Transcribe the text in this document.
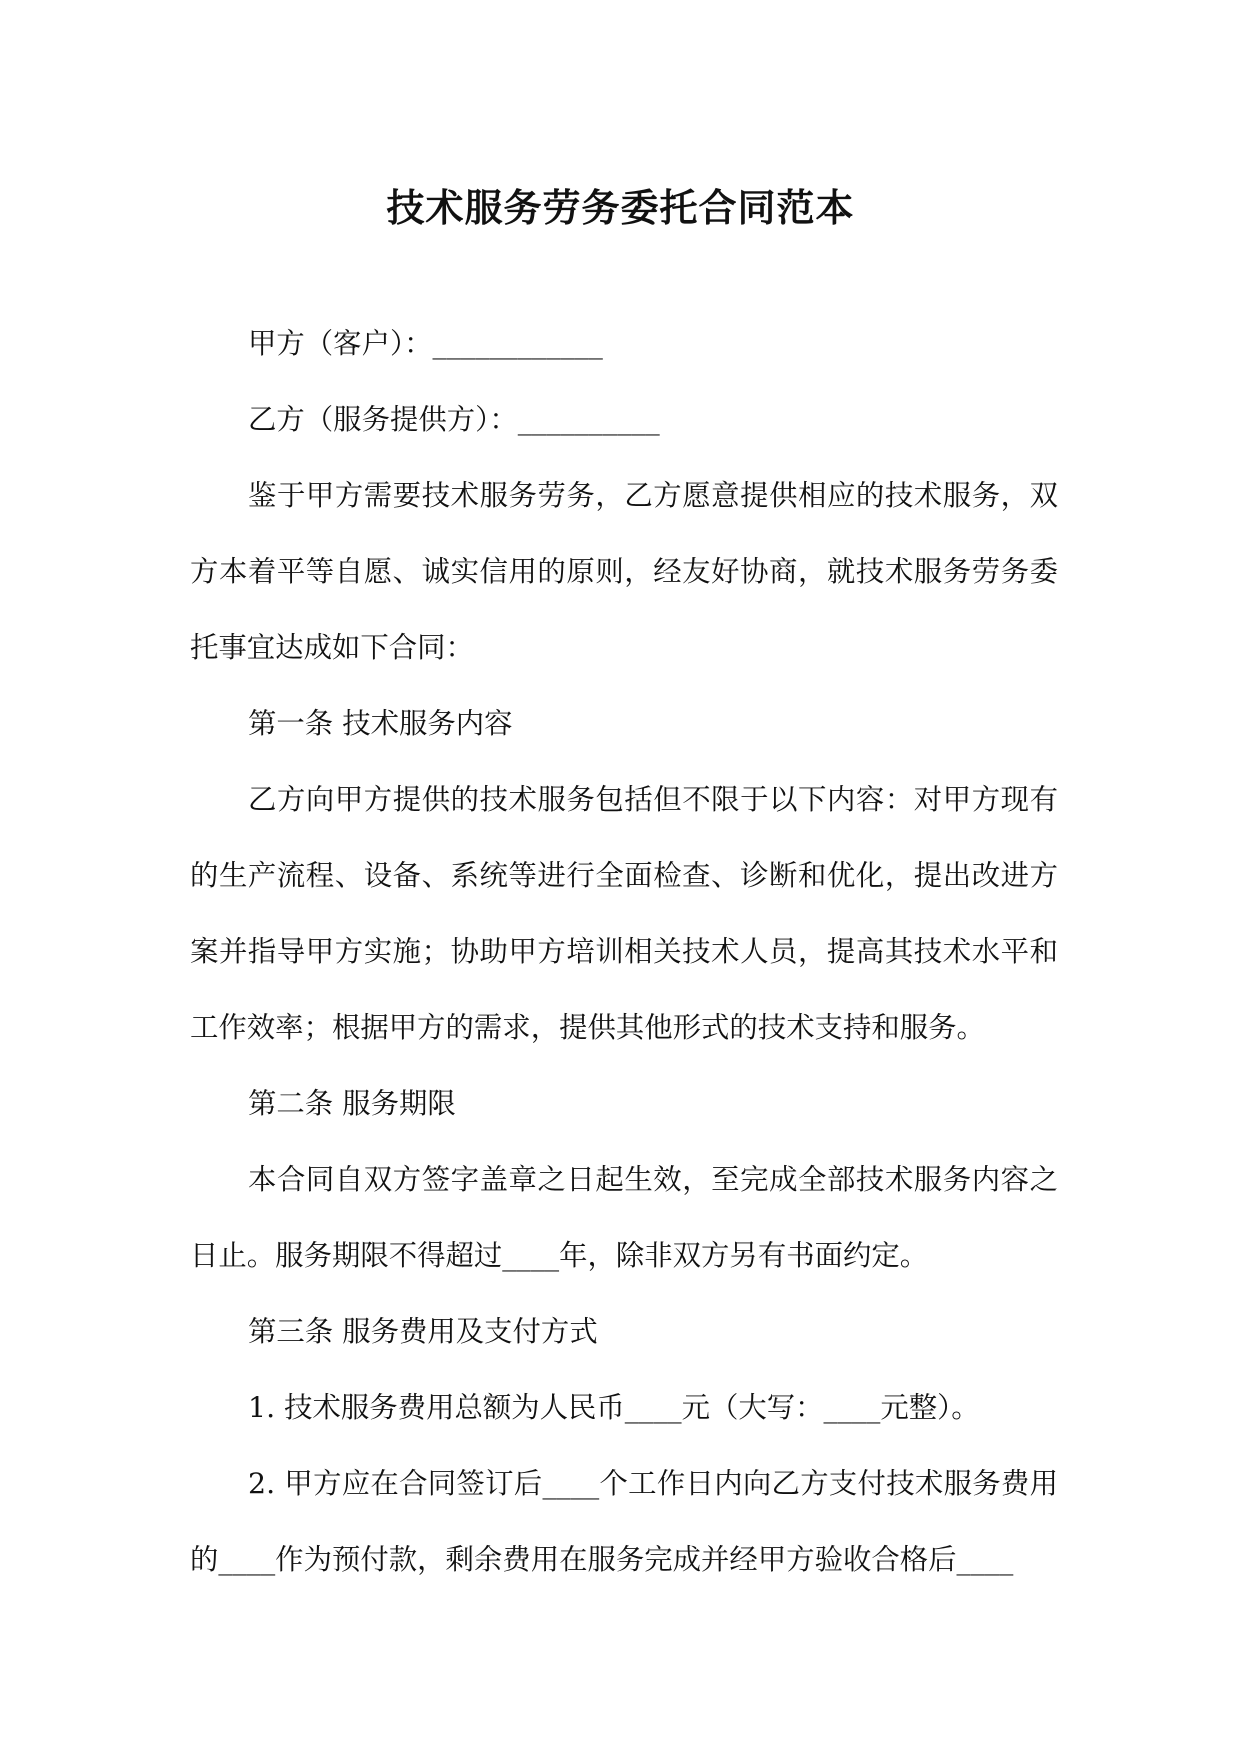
技术服务劳务委托合同范本

甲方（客户）：____________

乙方（服务提供方）：__________

鉴于甲方需要技术服务劳务，乙方愿意提供相应的技术服务，双方本着平等自愿、诚实信用的原则，经友好协商，就技术服务劳务委托事宜达成如下合同：

第一条 技术服务内容

乙方向甲方提供的技术服务包括但不限于以下内容：对甲方现有的生产流程、设备、系统等进行全面检查、诊断和优化，提出改进方案并指导甲方实施；协助甲方培训相关技术人员，提高其技术水平和工作效率；根据甲方的需求，提供其他形式的技术支持和服务。

第二条 服务期限

本合同自双方签字盖章之日起生效，至完成全部技术服务内容之日止。服务期限不得超过____年，除非双方另有书面约定。

第三条 服务费用及支付方式

1. 技术服务费用总额为人民币____元（大写：____元整）。

2. 甲方应在合同签订后____个工作日内向乙方支付技术服务费用的____作为预付款，剩余费用在服务完成并经甲方验收合格后____
